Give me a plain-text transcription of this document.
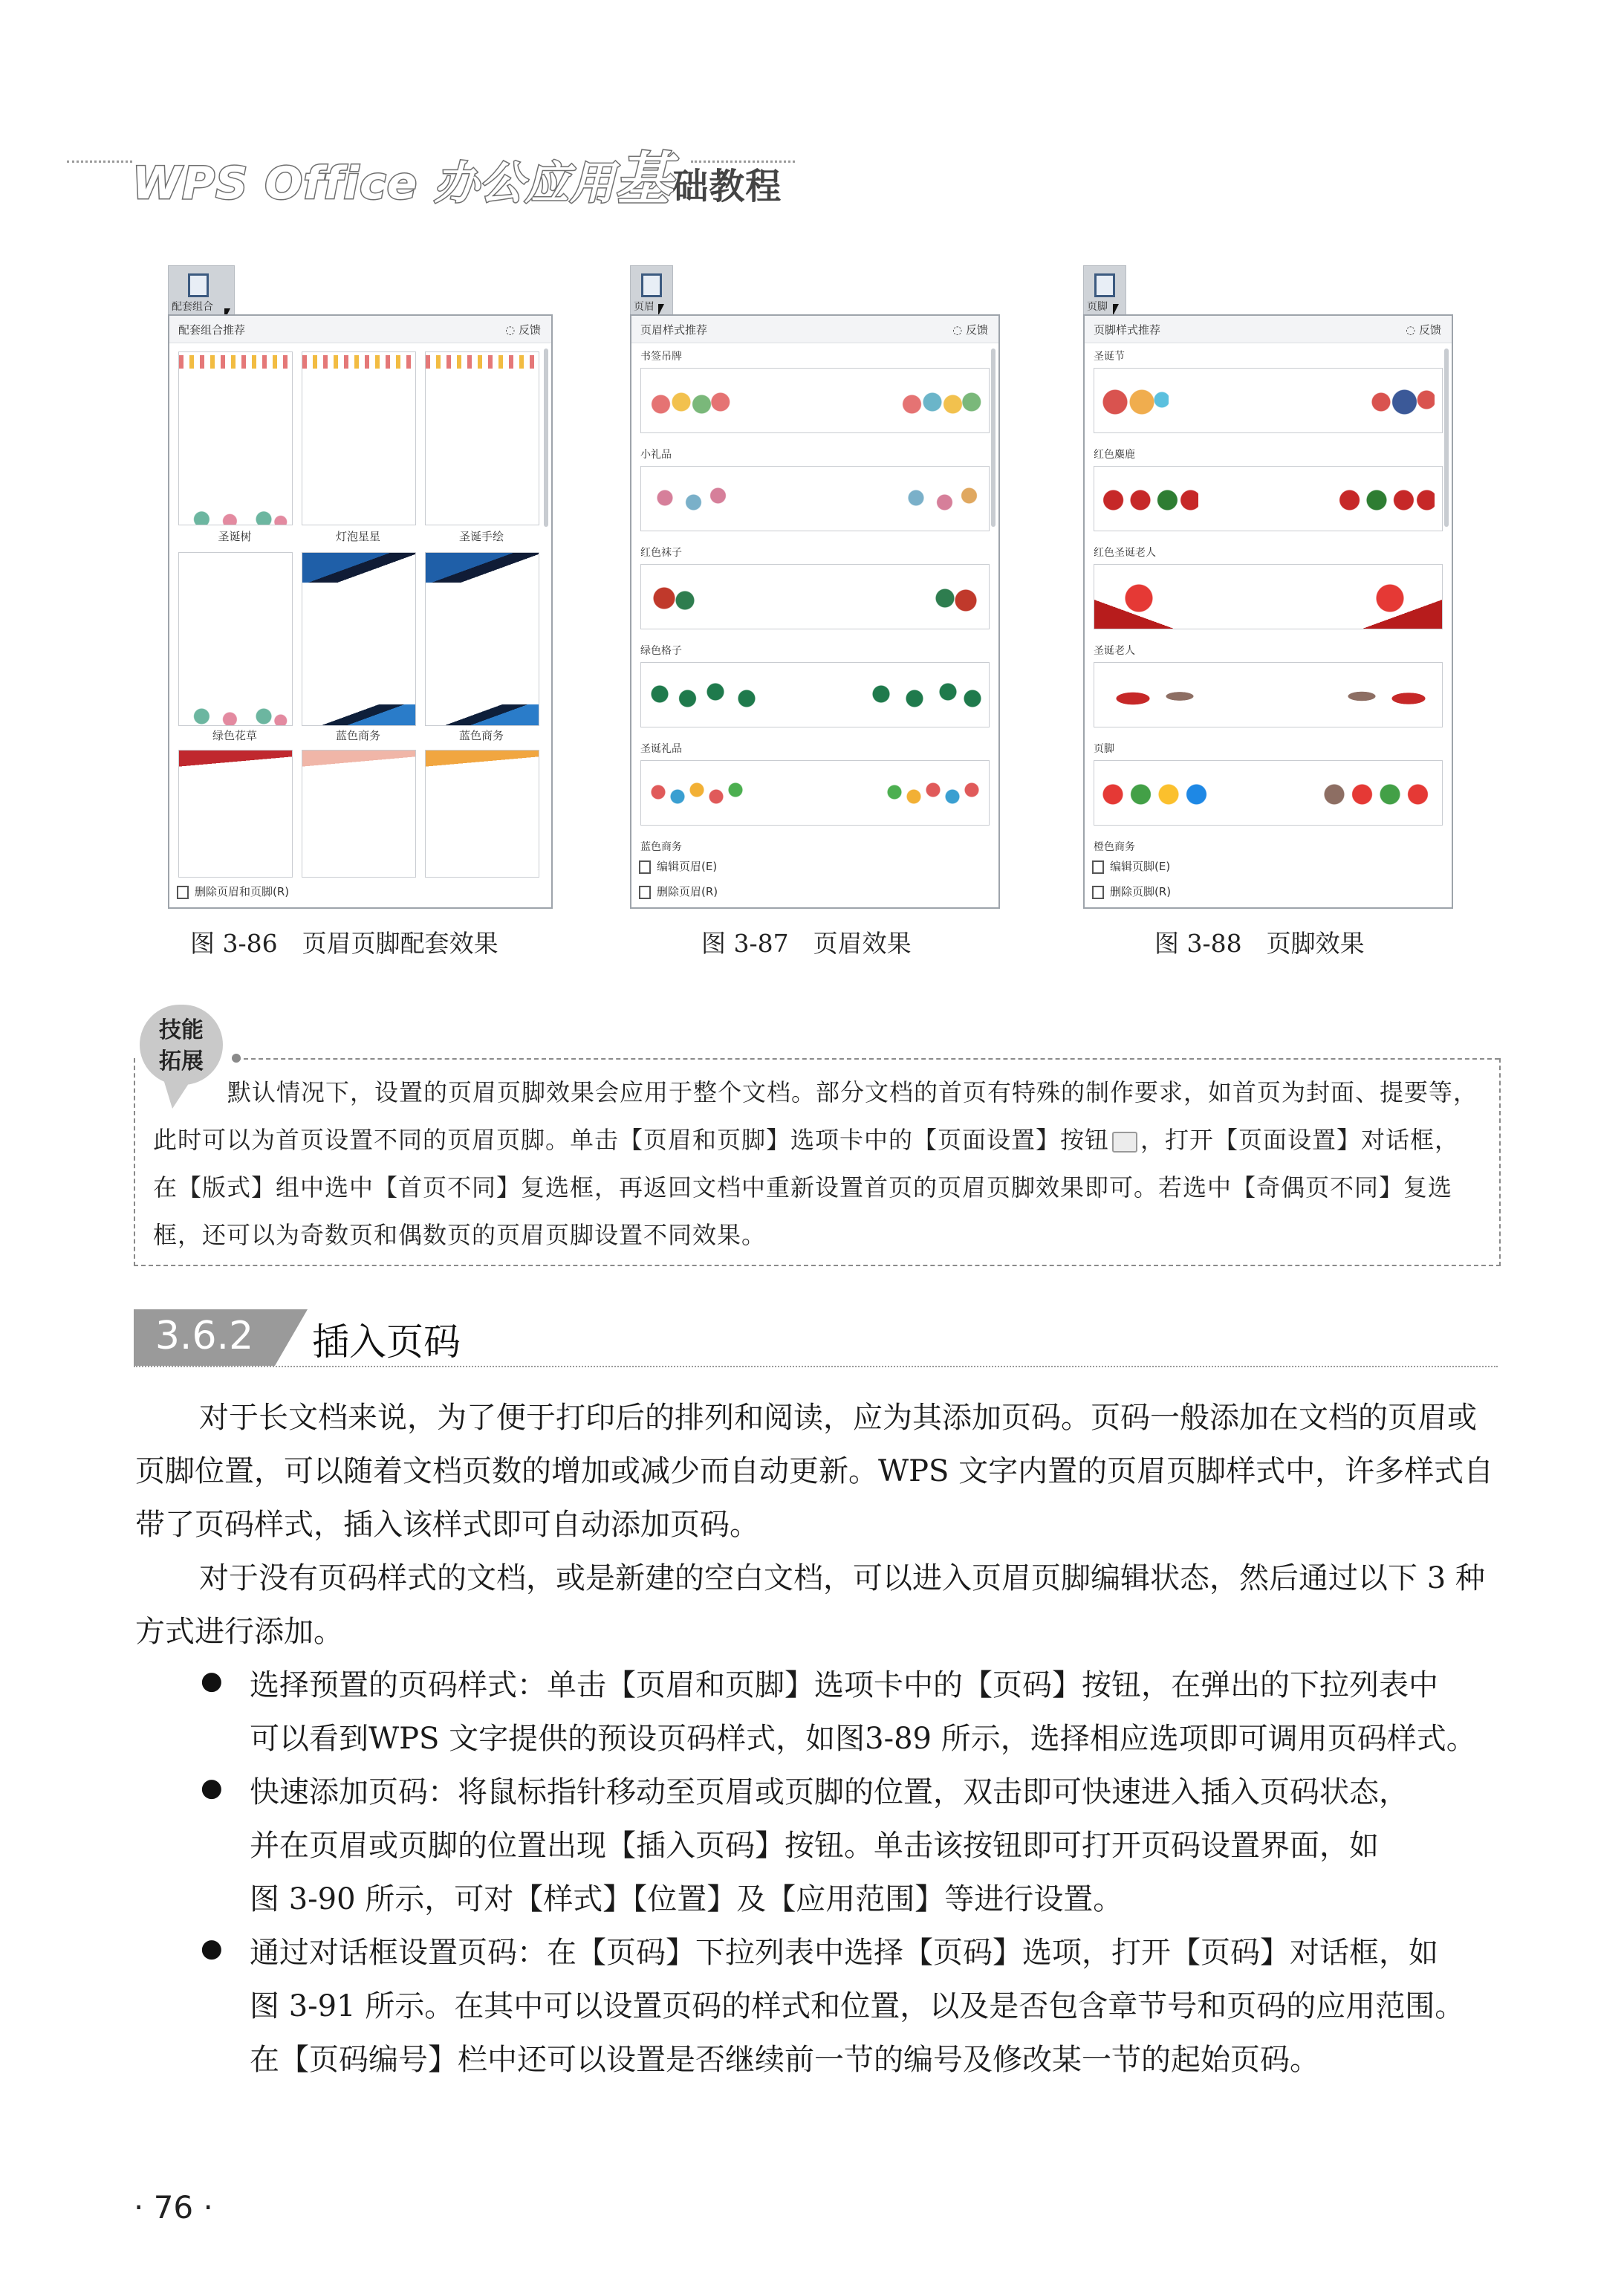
WPS Office 办公应用基础教程
配套组合
配套组合推荐	◌ 反馈
圣诞树	灯泡星星	圣诞手绘
绿色花草	蓝色商务	蓝色商务
删除页眉和页脚(R)
页眉
页眉样式推荐	◌ 反馈
书签吊牌
小礼品
红色袜子
绿色格子
圣诞礼品
蓝色商务
编辑页眉(E)
删除页眉(R)
页脚
页脚样式推荐	◌ 反馈
圣诞节
红色麋鹿
红色圣诞老人
圣诞老人
页脚
橙色商务
编辑页脚(E)
删除页脚(R)
图 3-86　页眉页脚配套效果	图 3-87　页眉效果	图 3-88　页脚效果
技能
拓展
默认情况下，设置的页眉页脚效果会应用于整个文档。部分文档的首页有特殊的制作要求，如首页为封面、提要等，此时可以为首页设置不同的页眉页脚。单击【页眉和页脚】选项卡中的【页面设置】按钮 ，打开【页面设置】对话框，在【版式】组中选中【首页不同】复选框，再返回文档中重新设置首页的页眉页脚效果即可。若选中【奇偶页不同】复选框，还可以为奇数页和偶数页的页眉页脚设置不同效果。
3.6.2	插入页码
对于长文档来说，为了便于打印后的排列和阅读，应为其添加页码。页码一般添加在文档的页眉或页脚位置，可以随着文档页数的增加或减少而自动更新。WPS 文字内置的页眉页脚样式中，许多样式自带了页码样式，插入该样式即可自动添加页码。
对于没有页码样式的文档，或是新建的空白文档，可以进入页眉页脚编辑状态，然后通过以下 3 种方式进行添加。
● 选择预置的页码样式：单击【页眉和页脚】选项卡中的【页码】按钮，在弹出的下拉列表中
可以看到WPS 文字提供的预设页码样式，如图3-89 所示，选择相应选项即可调用页码样式。
● 快速添加页码：将鼠标指针移动至页眉或页脚的位置，双击即可快速进入插入页码状态，
并在页眉或页脚的位置出现【插入页码】按钮。单击该按钮即可打开页码设置界面，如
图 3-90 所示，可对【样式】【位置】及【应用范围】等进行设置。
● 通过对话框设置页码：在【页码】下拉列表中选择【页码】选项，打开【页码】对话框，如
图 3-91 所示。在其中可以设置页码的样式和位置，以及是否包含章节号和页码的应用范围。
在【页码编号】栏中还可以设置是否继续前一节的编号及修改某一节的起始页码。
· 76 ·
